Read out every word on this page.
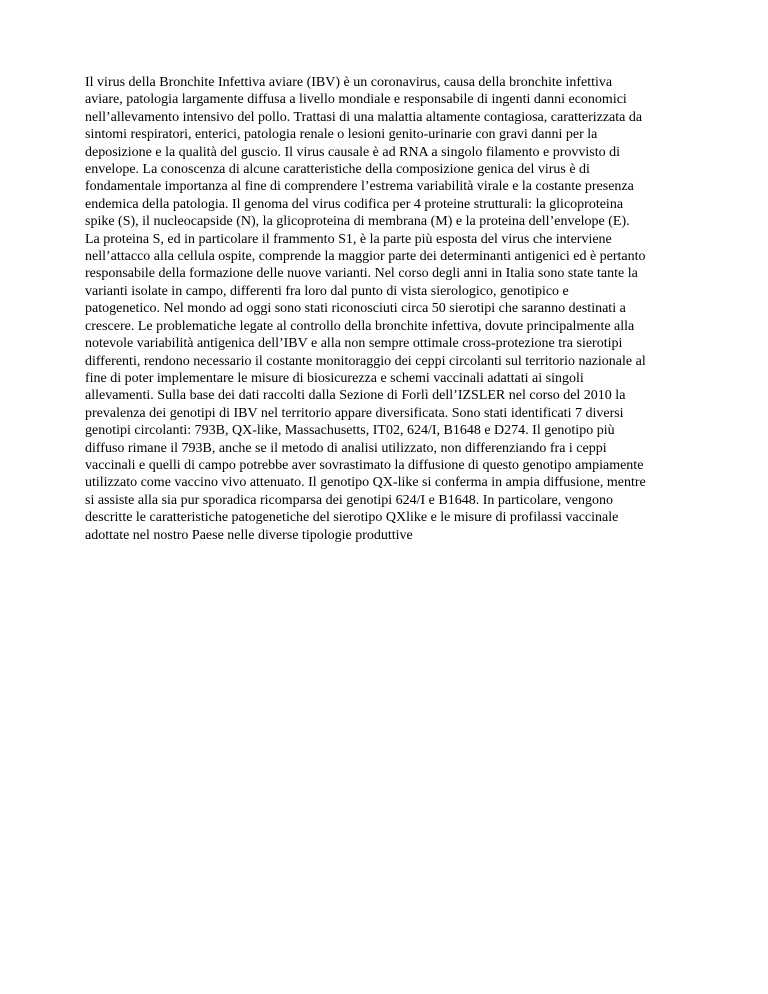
Il virus della Bronchite Infettiva aviare (IBV) è un coronavirus, causa della bronchite infettiva
aviare, patologia largamente diffusa a livello mondiale e responsabile di ingenti danni economici
nell’allevamento intensivo del pollo. Trattasi di una malattia altamente contagiosa, caratterizzata da
sintomi respiratori, enterici, patologia renale o lesioni genito-urinarie con gravi danni per la
deposizione e la qualità del guscio. Il virus causale è ad RNA a singolo filamento e provvisto di
envelope. La conoscenza di alcune caratteristiche della composizione genica del virus è di
fondamentale importanza al fine di comprendere l’estrema variabilità virale e la costante presenza
endemica della patologia. Il genoma del virus codifica per 4 proteine strutturali: la glicoproteina
spike (S), il nucleocapside (N), la glicoproteina di membrana (M) e la proteina dell’envelope (E).
La proteina S, ed in particolare il frammento S1, è la parte più esposta del virus che interviene
nell’attacco alla cellula ospite, comprende la maggior parte dei determinanti antigenici ed è pertanto
responsabile della formazione delle nuove varianti. Nel corso degli anni in Italia sono state tante la
varianti isolate in campo, differenti fra loro dal punto di vista sierologico, genotipico e
patogenetico. Nel mondo ad oggi sono stati riconosciuti circa 50 sierotipi che saranno destinati a
crescere. Le problematiche legate al controllo della bronchite infettiva, dovute principalmente alla
notevole variabilità antigenica dell’IBV e alla non sempre ottimale cross-protezione tra sierotipi
differenti, rendono necessario il costante monitoraggio dei ceppi circolanti sul territorio nazionale al
fine di poter implementare le misure di biosicurezza e schemi vaccinali adattati ai singoli
allevamenti. Sulla base dei dati raccolti dalla Sezione di Forlì dell’IZSLER nel corso del 2010 la
prevalenza dei genotipi di IBV nel territorio appare diversificata. Sono stati identificati 7 diversi
genotipi circolanti: 793B, QX-like, Massachusetts, IT02, 624/I, B1648 e D274. Il genotipo più
diffuso rimane il 793B, anche se il metodo di analisi utilizzato, non differenziando fra i ceppi
vaccinali e quelli di campo potrebbe aver sovrastimato la diffusione di questo genotipo ampiamente
utilizzato come vaccino vivo attenuato. Il genotipo QX-like si conferma in ampia diffusione, mentre
si assiste alla sia pur sporadica ricomparsa dei genotipi 624/I e B1648. In particolare, vengono
descritte le caratteristiche patogenetiche del sierotipo QXlike e le misure di profilassi vaccinale
adottate nel nostro Paese nelle diverse tipologie produttive
